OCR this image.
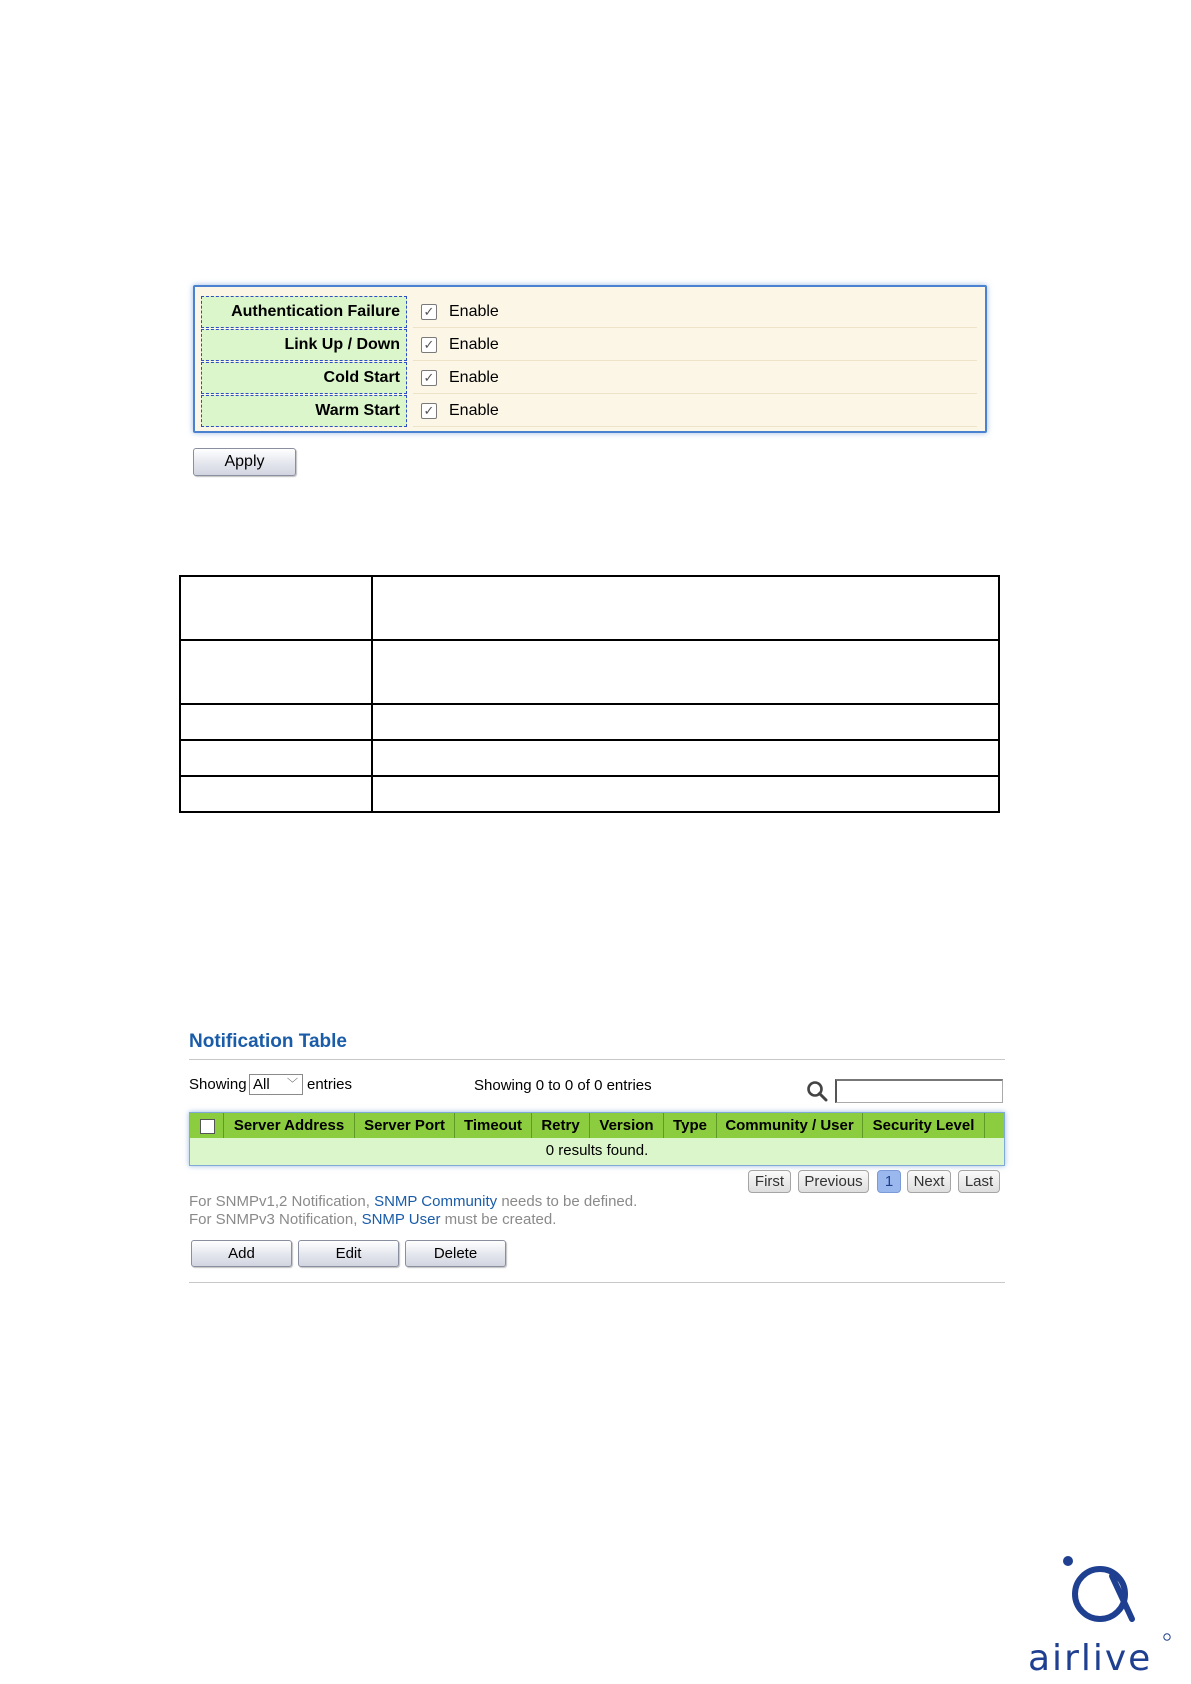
Authentication Failure	✓ Enable
Link Up / Down	✓ Enable
Cold Start	✓ Enable
Warm Start	✓ Enable
Apply

Notification Table
Showing All ﹀ entries	Showing 0 to 0 of 0 entries
Server Address	Server Port	Timeout	Retry	Version	Type	Community / User	Security Level
0 results found.
First	Previous	1	Next	Last
For SNMPv1,2 Notification, SNMP Community needs to be defined.
For SNMPv3 Notification, SNMP User must be created.
Add	Edit	Delete
airlive
